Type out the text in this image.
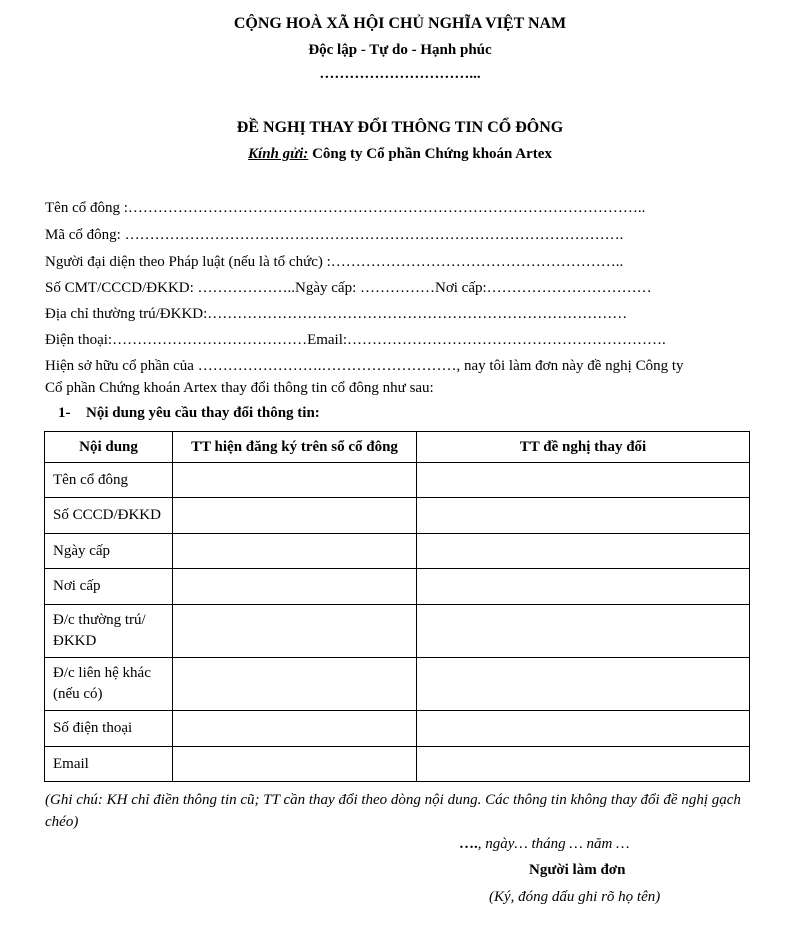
CỘNG HOÀ XÃ HỘI CHỦ NGHĨA VIỆT NAM
Độc lập - Tự do - Hạnh phúc
…………………………...
ĐỀ NGHỊ THAY ĐỔI THÔNG TIN CỔ ĐÔNG
Kính gửi: Công ty Cổ phần Chứng khoán Artex
Tên cổ đông :…………………………………………………………………………………………..
Mã cổ đông: ……………………………………………………………………………………….
Người đại diện theo Pháp luật (nếu là tổ chức) :…………………………………………………..
Số CMT/CCCD/ĐKKD: ………………..Ngày cấp: ……………Nơi cấp:……………………………
Địa chỉ thường trú/ĐKKD:…………………………………………………………………………
Điện thoại:…………………………………Email:……………………………………………………….
Hiện sở hữu cổ phần của …………………….………………………, nay tôi làm đơn này đề nghị Công ty
Cổ phần Chứng khoán Artex thay đổi thông tin cổ đông như sau:
1- Nội dung yêu cầu thay đổi thông tin:
Nội dung	TT hiện đăng ký trên sổ cổ đông	TT đề nghị thay đổi
Tên cổ đông		
Số CCCD/ĐKKD		
Ngày cấp		
Nơi cấp		
Đ/c thường trú/ĐKKD		
Đ/c liên hệ khác (nếu có)		
Số điện thoại		
Email		
(Ghi chú: KH chỉ điền thông tin cũ; TT cần thay đổi theo dòng nội dung. Các thông tin không thay đổi đề nghị gạch chéo)
…., ngày… tháng … năm …
Người làm đơn
(Ký, đóng dấu ghi rõ họ tên)
